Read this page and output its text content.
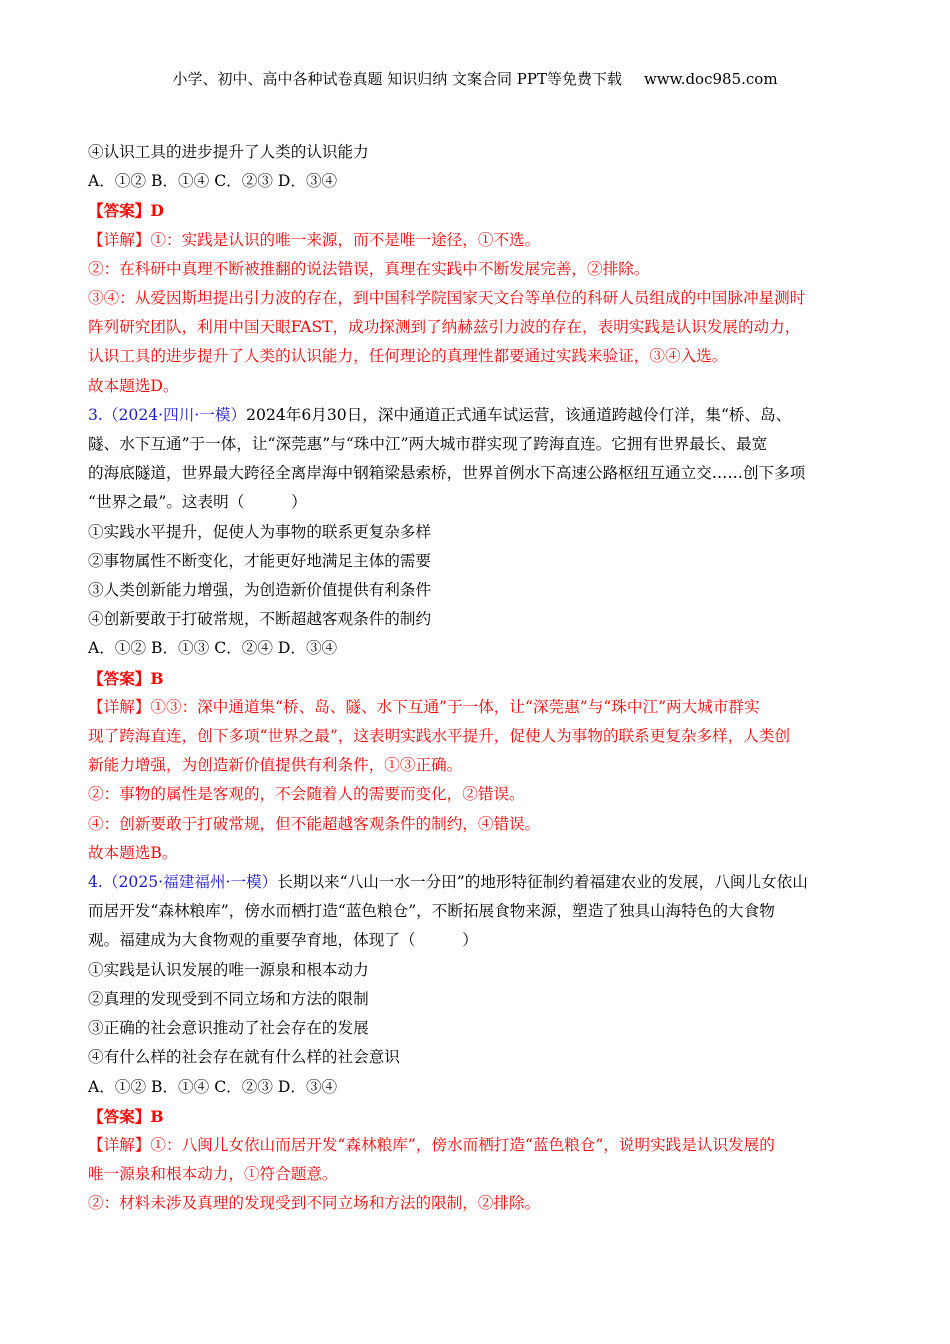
小学、初中、高中各种试卷真题 知识归纳 文案合同 PPT等免费下载 www.doc985.com
④认识工具的进步提升了人类的认识能力
A．①② B．①④ C．②③ D．③④
【答案】D
【详解】①：实践是认识的唯一来源，而不是唯一途径，①不选。
②：在科研中真理不断被推翻的说法错误，真理在实践中不断发展完善，②排除。
③④：从爱因斯坦提出引力波的存在，到中国科学院国家天文台等单位的科研人员组成的中国脉冲星测时
阵列研究团队，利用中国天眼FAST，成功探测到了纳赫兹引力波的存在，表明实践是认识发展的动力，
认识工具的进步提升了人类的认识能力，任何理论的真理性都要通过实践来验证，③④入选。
故本题选D。
3.（2024·四川·一模）2024年6月30日，深中通道正式通车试运营，该通道跨越伶仃洋，集“桥、岛、
隧、水下互通”于一体，让“深莞惠”与“珠中江”两大城市群实现了跨海直连。它拥有世界最长、最宽
的海底隧道，世界最大跨径全离岸海中钢箱梁悬索桥，世界首例水下高速公路枢纽互通立交……创下多项
“世界之最”。这表明（　　　）
①实践水平提升，促使人为事物的联系更复杂多样
②事物属性不断变化，才能更好地满足主体的需要
③人类创新能力增强，为创造新价值提供有利条件
④创新要敢于打破常规，不断超越客观条件的制约
A．①② B．①③ C．②④ D．③④
【答案】B
【详解】①③：深中通道集“桥、岛、隧、水下互通”于一体，让“深莞惠”与“珠中江”两大城市群实
现了跨海直连，创下多项“世界之最”，这表明实践水平提升，促使人为事物的联系更复杂多样，人类创
新能力增强，为创造新价值提供有利条件，①③正确。
②：事物的属性是客观的，不会随着人的需要而变化，②错误。
④：创新要敢于打破常规，但不能超越客观条件的制约，④错误。
故本题选B。
4.（2025·福建福州·一模）长期以来“八山一水一分田”的地形特征制约着福建农业的发展，八闽儿女依山
而居开发“森林粮库”，傍水而栖打造“蓝色粮仓”，不断拓展食物来源，塑造了独具山海特色的大食物
观。福建成为大食物观的重要孕育地，体现了（　　　）
①实践是认识发展的唯一源泉和根本动力
②真理的发现受到不同立场和方法的限制
③正确的社会意识推动了社会存在的发展
④有什么样的社会存在就有什么样的社会意识
A．①② B．①④ C．②③ D．③④
【答案】B
【详解】①：八闽儿女依山而居开发“森林粮库”，傍水而栖打造“蓝色粮仓”，说明实践是认识发展的
唯一源泉和根本动力，①符合题意。
②：材料未涉及真理的发现受到不同立场和方法的限制，②排除。
